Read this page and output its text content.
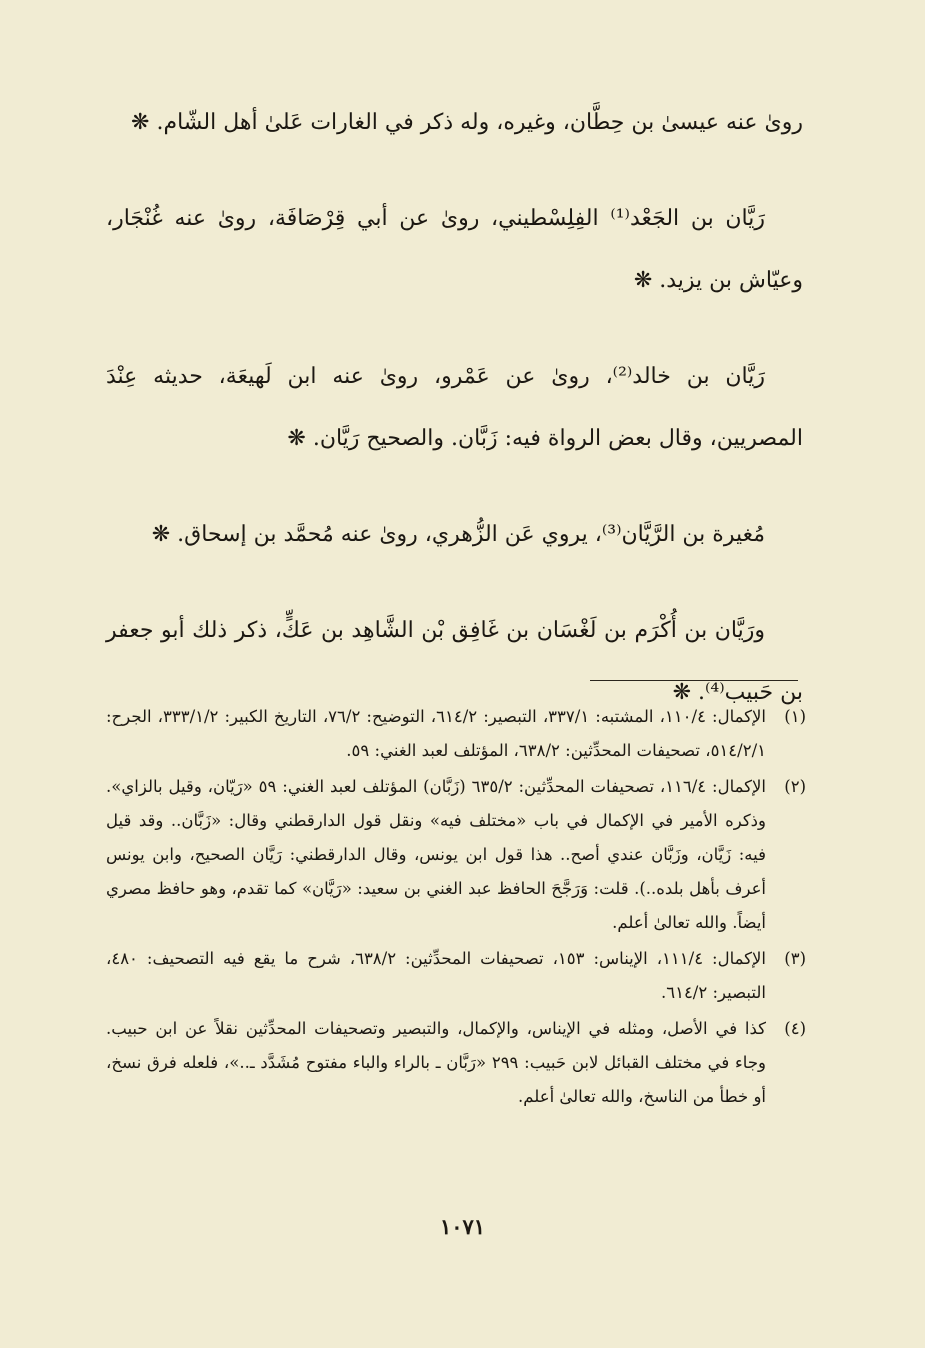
رویٰ عنه عیسیٰ بن حِطَّان، وغیره، وله ذکر في الغارات عَلیٰ أهل الشّام. ❋

رَیَّان بن الجَعْد⁽¹⁾ الفِلِسْطیني، رویٰ عن أبي قِرْصَافَة، رویٰ عنه غُنْجَار، وعیّاش بن یزید. ❋

رَیَّان بن خالد⁽²⁾، رویٰ عن عَمْرو، رویٰ عنه ابن لَهیعَة، حدیثه عِنْدَ المصریین، وقال بعض الرواة فیه: زَبَّان. والصحیح رَیَّان. ❋

مُغیرة بن الرَّیَّان⁽³⁾، یروي عَن الزُّهري، رویٰ عنه مُحمَّد بن إسحاق. ❋

ورَیَّان بن أُكْرَم بن لَغْسَان بن غَافِق بْن الشَّاهِد بن عَكٍّ، ذکر ذلك أبو جعفر بن حَبیب⁽⁴⁾. ❋

(١)
الإکمال: ١١٠/٤، المشتبه: ٣٣٧/١، التبصیر: ٦١٤/٢، التوضیح: ٧٦/٢، التاریخ الکبیر: ٣٣٣/١/٢، الجرح: ٥١٤/٢/١، تصحیفات المحدِّثین: ٦٣٨/٢، المؤتلف لعبد الغني: ٥٩.
(٢)
الإکمال: ١١٦/٤، تصحیفات المحدِّثین: ٦٣٥/٢ (زَبَّان) المؤتلف لعبد الغني: ٥٩ «رَیّان، وقیل بالزاي». وذکره الأمیر في الإکمال في باب «مختلف فیه» ونقل قول الدارقطني وقال: «زَبَّان.. وقد قیل فیه: زَیَّان، وزَبَّان عندي أصح.. هذا قول ابن یونس، وقال الدارقطني: رَیَّان الصحیح، وابن یونس أعرف بأهل بلده..). قلت: وَرَجَّحَ الحافظ عبد الغني بن سعید: «رَیَّان» کما تقدم، وهو حافظ مصري أیضاً. والله تعالیٰ أعلم.
(٣)
الإکمال: ١١١/٤، الإیناس: ١٥٣، تصحیفات المحدِّثین: ٦٣٨/٢، شرح ما یقع فیه التصحیف: ٤٨٠، التبصیر: ٦١٤/٢.
(٤)
کذا في الأصل، ومثله في الإیناس، والإکمال، والتبصیر وتصحیفات المحدِّثین نقلاً عن ابن حبیب. وجاء في مختلف القبائل لابن حَبیب: ٢٩٩ «رَبَّان ـ بالراء والباء مفتوح مُشَدَّد ـ..»، فلعله فرق نسخ، أو خطأ من الناسخ، والله تعالیٰ أعلم.
١٠٧١
